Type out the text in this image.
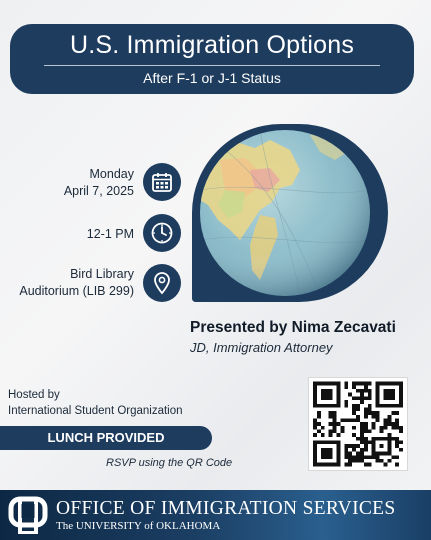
U.S. Immigration Options
After F-1 or J-1 Status
Monday
April 7, 2025
12-1 PM
Bird Library
Auditorium (LIB 299)
Presented by Nima Zecavati
JD, Immigration Attorney
Hosted by
International Student Organization
LUNCH PROVIDED
RSVP using the QR Code
OFFICE OF IMMIGRATION SERVICES
The UNIVERSITY of OKLAHOMA
